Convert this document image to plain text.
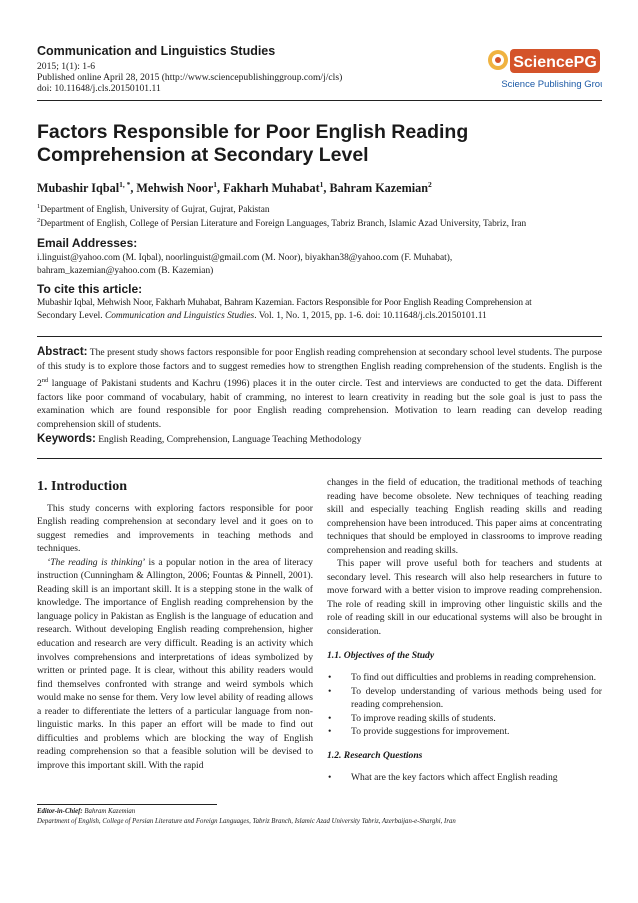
Communication and Linguistics Studies
2015; 1(1): 1-6
Published online April 28, 2015 (http://www.sciencepublishinggroup.com/j/cls)
doi: 10.11648/j.cls.20150101.11
SciencePG
Science Publishing Group
Factors Responsible for Poor English Reading
Comprehension at Secondary Level
Mubashir Iqbal$^{1, *}$, Mehwish Noor$^1$, Fakharh Muhabat$^1$, Bahram Kazemian$^2$
$^1$Department of English, University of Gujrat, Gujrat, Pakistan
$^2$Department of English, College of Persian Literature and Foreign Languages, Tabriz Branch, Islamic Azad University, Tabriz, Iran
Email Addresses:
i.linguist@yahoo.com (M. Iqbal), noorlinguist@gmail.com (M. Noor), biyakhan38@yahoo.com (F. Muhabat),
bahram_kazemian@yahoo.com (B. Kazemian)
To cite this article:
Mubashir Iqbal, Mehwish Noor, Fakharh Muhabat, Bahram Kazemian. Factors Responsible for Poor English Reading Comprehension at
Secondary Level. Communication and Linguistics Studies. Vol. 1, No. 1, 2015, pp. 1-6. doi: 10.11648/j.cls.20150101.11
Abstract: The present study shows factors responsible for poor English reading comprehension at secondary school level students. The purpose of this study is to explore those factors and to suggest remedies how to strengthen English reading comprehension of the students. English is the 2nd language of Pakistani students and Kachru (1996) places it in the outer circle. Test and interviews are conducted to get the data. Different factors like poor command of vocabulary, habit of cramming, no interest to learn creativity in reading but the sole goal is just to pass the examination which are found responsible for poor English reading comprehension. Motivation to learn reading can develop reading comprehension skill of students.
Keywords: English Reading, Comprehension, Language Teaching Methodology
1. Introduction

This study concerns with exploring factors responsible for poor English reading comprehension at secondary level and it goes on to suggest remedies and improvements in teaching methods and techniques.

‘The reading is thinking’ is a popular notion in the area of literacy instruction (Cunningham & Allington, 2006; Fountas & Pinnell, 2001). Reading skill is an important skill. It is a stepping stone in the walk of knowledge. The importance of English reading comprehension by the language policy in Pakistan as English is the language of education and research. Without developing English reading comprehension, higher education and research are very difficult. Reading is an activity which involves comprehensions and interpretations of ideas symbolized by written or printed page. It is clear, without this ability readers would find themselves confronted with strange and weird symbols which would make no sense for them. Very low level ability of reading allows a reader to differentiate the letters of a particular language from non-linguistic marks. In this paper an effort will be made to find out difficulties and problems which are blocking the way of English reading comprehension so that a feasible solution will be devised to improve this important skill. With the rapid

changes in the field of education, the traditional methods of teaching reading have become obsolete. New techniques of teaching reading skill and especially teaching English reading skills and reading comprehension have been introduced. This paper aims at concentrating techniques that should be employed in classrooms to improve reading comprehension and reading skills.

This paper will prove useful both for teachers and students at secondary level. This research will also help researchers in future to move forward with a better vision to improve reading comprehension. The role of reading skill in improving other linguistic skills and the role of reading skill in our educational systems will also be brought in consideration.

1.1. Objectives of the Study
• To find out difficulties and problems in reading comprehension.
• To develop understanding of various methods being used for reading comprehension.
• To improve reading skills of students.
• To provide suggestions for improvement.
1.2. Research Questions
• What are the key factors which affect English reading
Editor-in-Chief: Bahram Kazemian
Department of English, College of Persian Literature and Foreign Languages, Tabriz Branch, Islamic Azad University Tabriz, Azerbaijan-e-Sharghi, Iran
